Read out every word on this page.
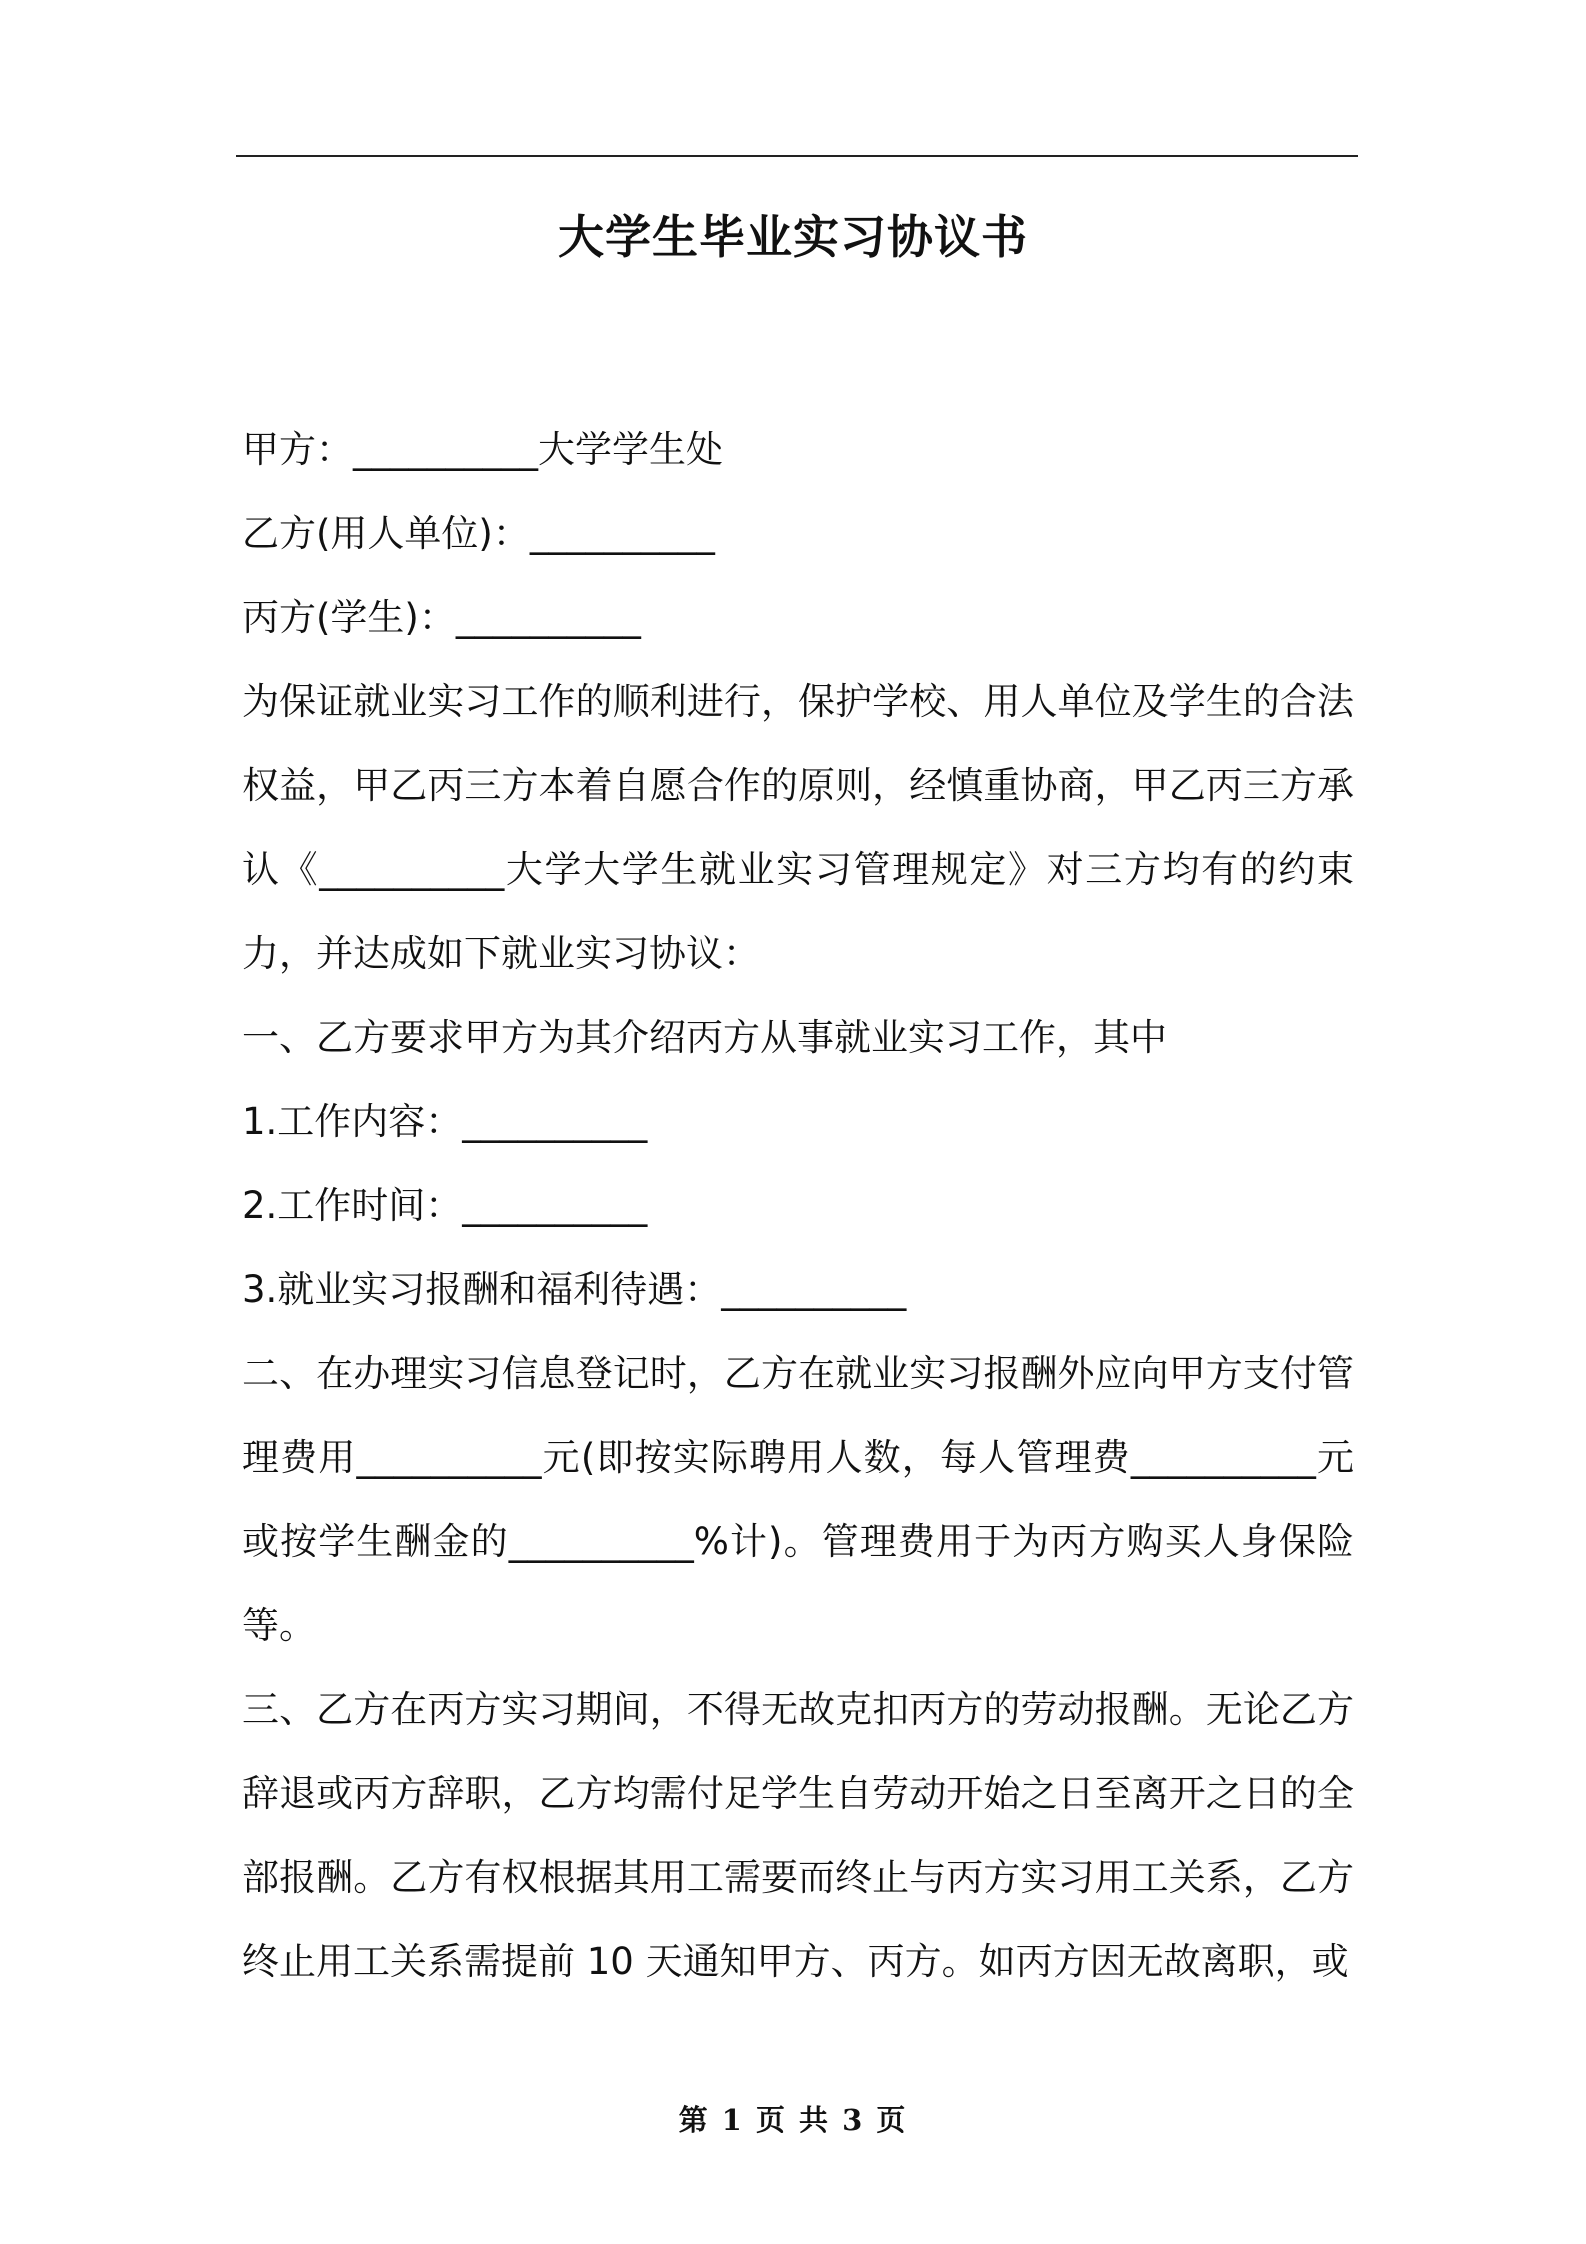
大学生毕业实习协议书

甲方：__________大学学生处

乙方(用人单位)：__________

丙方(学生)：__________

为保证就业实习工作的顺利进行，保护学校、用人单位及学生的合法权益，甲乙丙三方本着自愿合作的原则，经慎重协商，甲乙丙三方承认《__________大学大学生就业实习管理规定》对三方均有的约束力，并达成如下就业实习协议：

一、乙方要求甲方为其介绍丙方从事就业实习工作，其中

1.工作内容：__________

2.工作时间：__________

3.就业实习报酬和福利待遇：__________

二、在办理实习信息登记时，乙方在就业实习报酬外应向甲方支付管理费用__________元(即按实际聘用人数，每人管理费__________元或按学生酬金的__________%计)。管理费用于为丙方购买人身保险等。

三、乙方在丙方实习期间，不得无故克扣丙方的劳动报酬。无论乙方辞退或丙方辞职，乙方均需付足学生自劳动开始之日至离开之日的全部报酬。乙方有权根据其用工需要而终止与丙方实习用工关系，乙方终止用工关系需提前 10 天通知甲方、丙方。如丙方因无故离职，或

第 1 页 共 3 页
